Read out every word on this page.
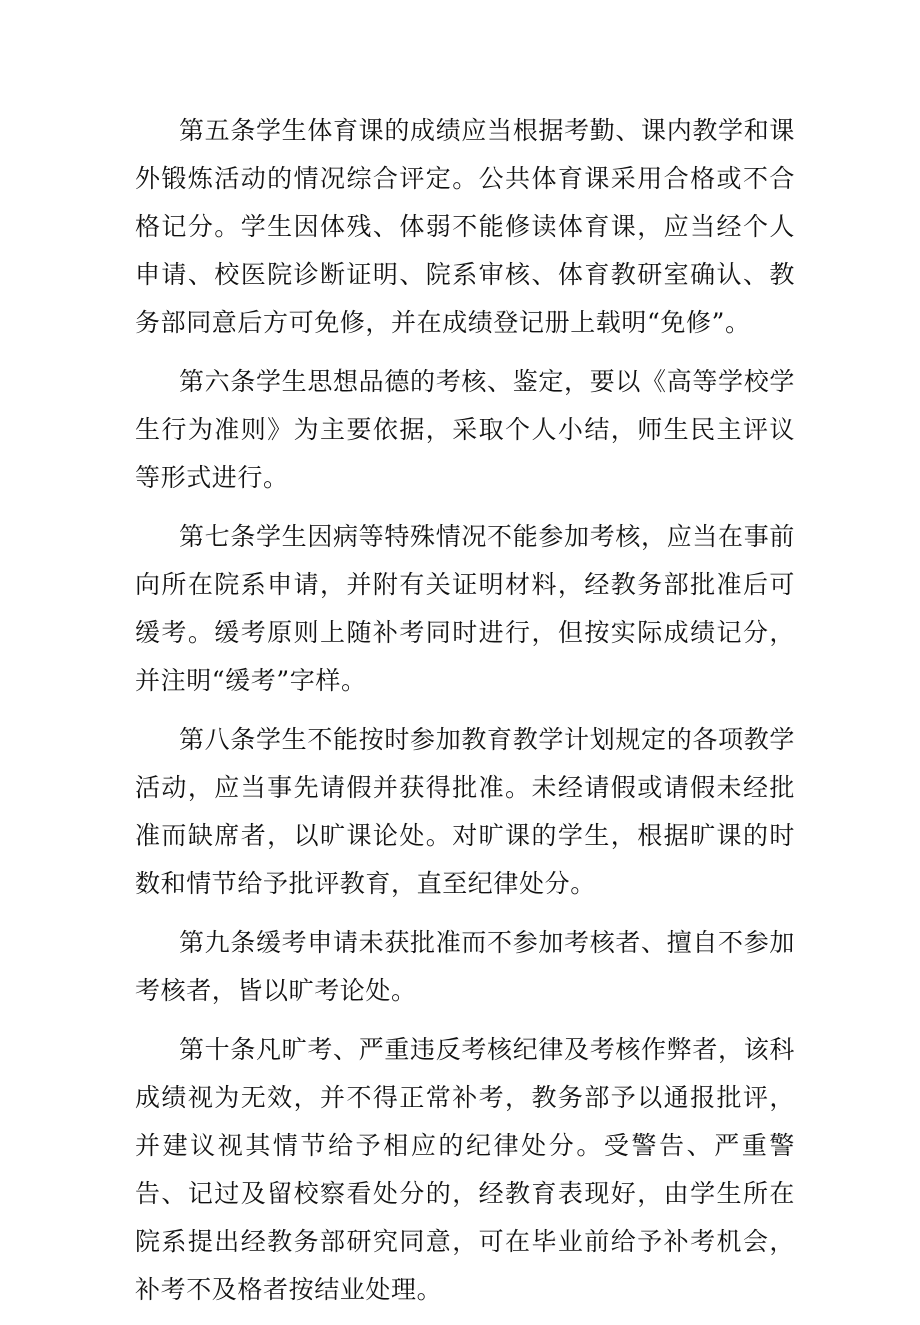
第五条学生体育课的成绩应当根据考勤、课内教学和课外锻炼活动的情况综合评定。公共体育课采用合格或不合格记分。学生因体残、体弱不能修读体育课，应当经个人申请、校医院诊断证明、院系审核、体育教研室确认、教务部同意后方可免修，并在成绩登记册上载明“免修”。

第六条学生思想品德的考核、鉴定，要以《高等学校学生行为准则》为主要依据，采取个人小结，师生民主评议等形式进行。

第七条学生因病等特殊情况不能参加考核，应当在事前向所在院系申请，并附有关证明材料，经教务部批准后可缓考。缓考原则上随补考同时进行，但按实际成绩记分，并注明“缓考”字样。

第八条学生不能按时参加教育教学计划规定的各项教学活动，应当事先请假并获得批准。未经请假或请假未经批准而缺席者，以旷课论处。对旷课的学生，根据旷课的时数和情节给予批评教育，直至纪律处分。

第九条缓考申请未获批准而不参加考核者、擅自不参加考核者，皆以旷考论处。

第十条凡旷考、严重违反考核纪律及考核作弊者，该科成绩视为无效，并不得正常补考，教务部予以通报批评，并建议视其情节给予相应的纪律处分。受警告、严重警告、记过及留校察看处分的，经教育表现好，由学生所在院系提出经教务部研究同意，可在毕业前给予补考机会，补考不及格者按结业处理。
